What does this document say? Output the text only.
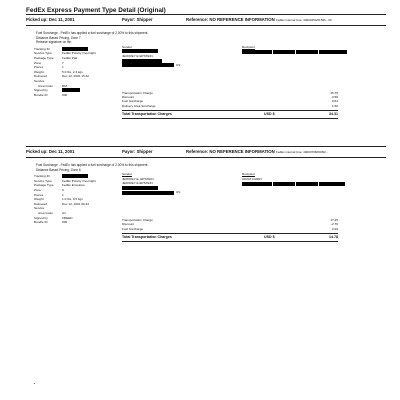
FedEx Express Payment Type Detail (Original)
Picked up: Dec 11, 2001	Payor: Shipper	Reference: NO REFERENCE INFORMATION FedEx internal Use: 40000454/01596...00
Fuel Surcharge - FedEx has applied a fuel surcharge of 2.00% to this shipment.
Distance Based Pricing, Zone 7
Release signature on file.
Tracking ID
Service Type	FedEx Priority Overnight
Package Type	FedEx Pak
Zone	7
Pieces	1
Weight	5.0 lbs, 2.3 kgs
Delivered	Dec 12, 2001 15:42
Service
Area Code	RM
Signed by
Bundle ID	000
Sender
JEFFREY E EPSTEIN
US
Recipient

Transportation Charge	35.75
Discount	-3.58
Fuel Surcharge	0.64
Delivery Area Surcharge	1.50
Total Transportation Charges	USD $	34.31
Picked up: Dec 11, 2001	Payor: Shipper	Reference: NO REFERENCE INFORMATION FedEx internal Use: 40000708/00052...
Fuel Surcharge - FedEx has applied a fuel surcharge of 2.00% to this shipment.
Distance Based Pricing, Zone 6
Tracking ID
Service Type	FedEx Priority Overnight
Package Type	FedEx Envelope
Zone	6
Pieces	1
Weight	1.0 lbs, 0.5 kgs
Delivered	Dec 12, 2001 09:44
Service
Area Code	A1
Signed by	FREED
Bundle ID	000
Sender
JEFFREY E. EPSTEIN
JEFFREY E EPSTEIN
US
Recipient
ADAM CAREY

Transportation Charge	17.25
Discount	-2.76
Fuel Surcharge	0.29
Total Transportation Charges	USD $	14.78
